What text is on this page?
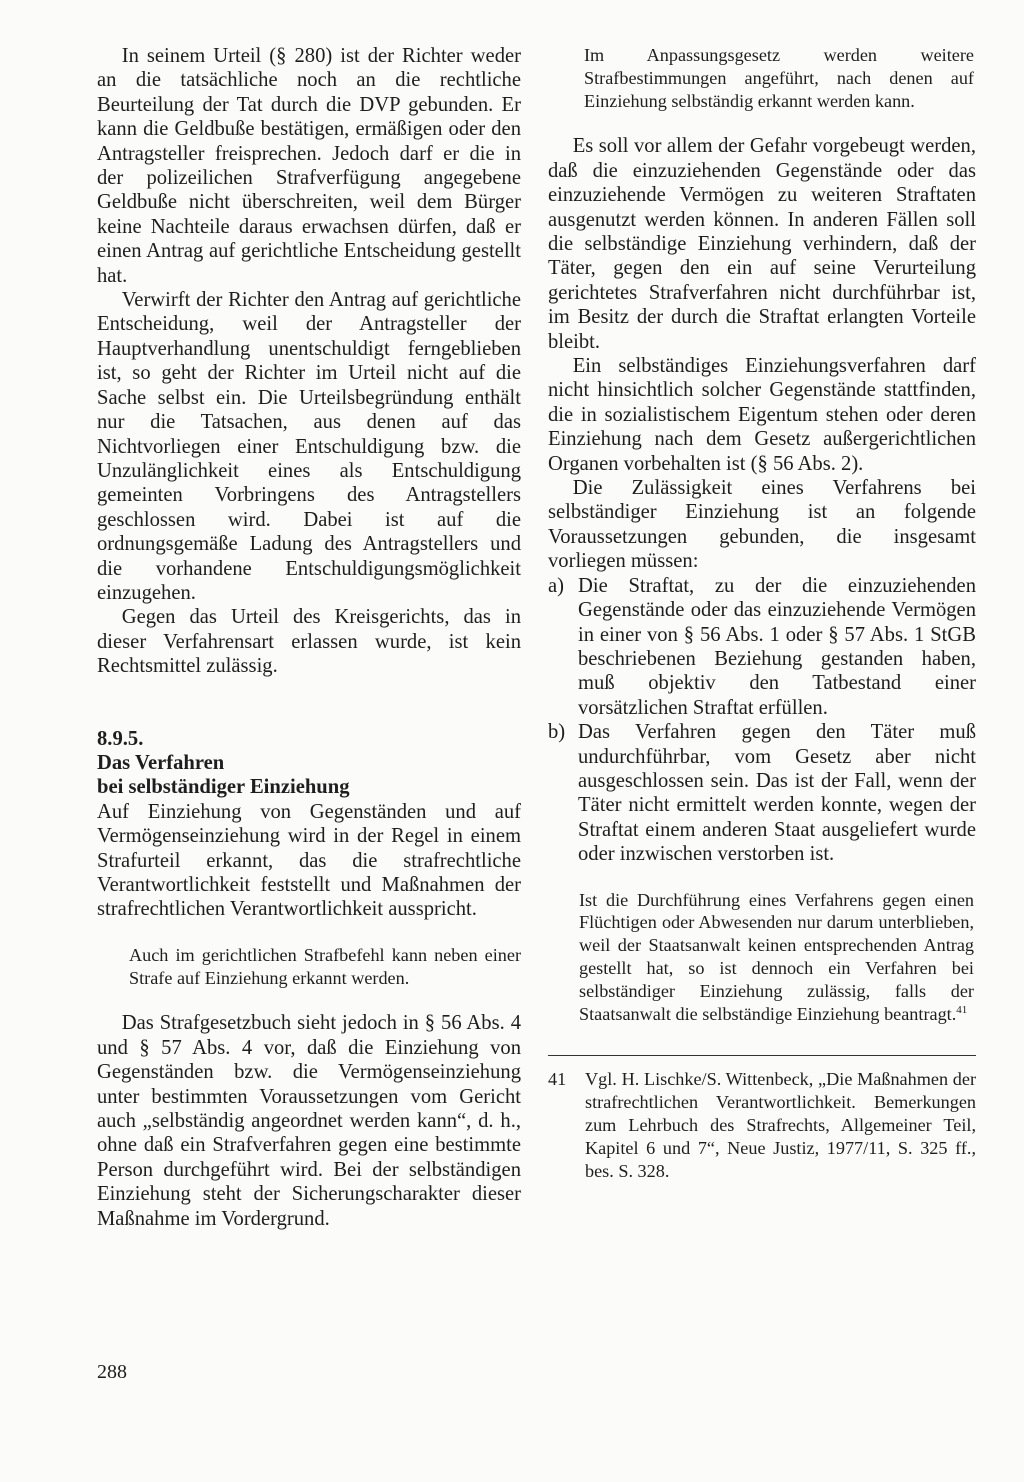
In seinem Urteil (§ 280) ist der Richter weder an die tatsächliche noch an die rechtliche Beurteilung der Tat durch die DVP gebunden. Er kann die Geldbuße bestätigen, ermäßigen oder den Antragsteller freisprechen. Jedoch darf er die in der polizeilichen Strafverfügung angegebene Geldbuße nicht überschreiten, weil dem Bürger keine Nachteile daraus erwachsen dürfen, daß er einen Antrag auf gerichtliche Entscheidung gestellt hat.

Verwirft der Richter den Antrag auf gerichtliche Entscheidung, weil der Antragsteller der Hauptverhandlung unentschuldigt ferngeblieben ist, so geht der Richter im Urteil nicht auf die Sache selbst ein. Die Urteilsbegründung enthält nur die Tatsachen, aus denen auf das Nichtvorliegen einer Entschuldigung bzw. die Unzulänglichkeit eines als Entschuldigung gemeinten Vorbringens des Antragstellers geschlossen wird. Dabei ist auf die ordnungsgemäße Ladung des Antragstellers und die vorhandene Entschuldigungsmöglichkeit einzugehen.

Gegen das Urteil des Kreisgerichts, das in dieser Verfahrensart erlassen wurde, ist kein Rechtsmittel zulässig.

8.9.5.
Das Verfahren
bei selbständiger Einziehung

Auf Einziehung von Gegenständen und auf Vermögenseinziehung wird in der Regel in einem Strafurteil erkannt, das die strafrechtliche Verantwortlichkeit feststellt und Maßnahmen der strafrechtlichen Verantwortlichkeit ausspricht.

Auch im gerichtlichen Strafbefehl kann neben einer Strafe auf Einziehung erkannt werden.

Das Strafgesetzbuch sieht jedoch in § 56 Abs. 4 und § 57 Abs. 4 vor, daß die Einziehung von Gegenständen bzw. die Vermögenseinziehung unter bestimmten Voraussetzungen vom Gericht auch „selbständig angeordnet werden kann“, d. h., ohne daß ein Strafverfahren gegen eine bestimmte Person durchgeführt wird. Bei der selbständigen Einziehung steht der Sicherungscharakter dieser Maßnahme im Vordergrund.

Im Anpassungsgesetz werden weitere Strafbestimmungen angeführt, nach denen auf Einziehung selbständig erkannt werden kann.

Es soll vor allem der Gefahr vorgebeugt werden, daß die einzuziehenden Gegenstände oder das einzuziehende Vermögen zu weiteren Straftaten ausgenutzt werden können. In anderen Fällen soll die selbständige Einziehung verhindern, daß der Täter, gegen den ein auf seine Verurteilung gerichtetes Strafverfahren nicht durchführbar ist, im Besitz der durch die Straftat erlangten Vorteile bleibt.

Ein selbständiges Einziehungsverfahren darf nicht hinsichtlich solcher Gegenstände stattfinden, die in sozialistischem Eigentum stehen oder deren Einziehung nach dem Gesetz außergerichtlichen Organen vorbehalten ist (§ 56 Abs. 2).

Die Zulässigkeit eines Verfahrens bei selbständiger Einziehung ist an folgende Voraussetzungen gebunden, die insgesamt vorliegen müssen:

a) Die Straftat, zu der die einzuziehenden Gegenstände oder das einzuziehende Vermögen in einer von § 56 Abs. 1 oder § 57 Abs. 1 StGB beschriebenen Beziehung gestanden haben, muß objektiv den Tatbestand einer vorsätzlichen Straftat erfüllen.
b) Das Verfahren gegen den Täter muß undurchführbar, vom Gesetz aber nicht ausgeschlossen sein. Das ist der Fall, wenn der Täter nicht ermittelt werden konnte, wegen der Straftat einem anderen Staat ausgeliefert wurde oder inzwischen verstorben ist.

Ist die Durchführung eines Verfahrens gegen einen Flüchtigen oder Abwesenden nur darum unterblieben, weil der Staatsanwalt keinen entsprechenden Antrag gestellt hat, so ist dennoch ein Verfahren bei selbständiger Einziehung zulässig, falls der Staatsanwalt die selbständige Einziehung beantragt.$^{41}$

41	Vgl. H. Lischke/S. Wittenbeck, „Die Maßnahmen der strafrechtlichen Verantwortlichkeit. Bemerkungen zum Lehrbuch des Strafrechts, Allgemeiner Teil, Kapitel 6 und 7“, Neue Justiz, 1977/11, S. 325 ff., bes. S. 328.
288
